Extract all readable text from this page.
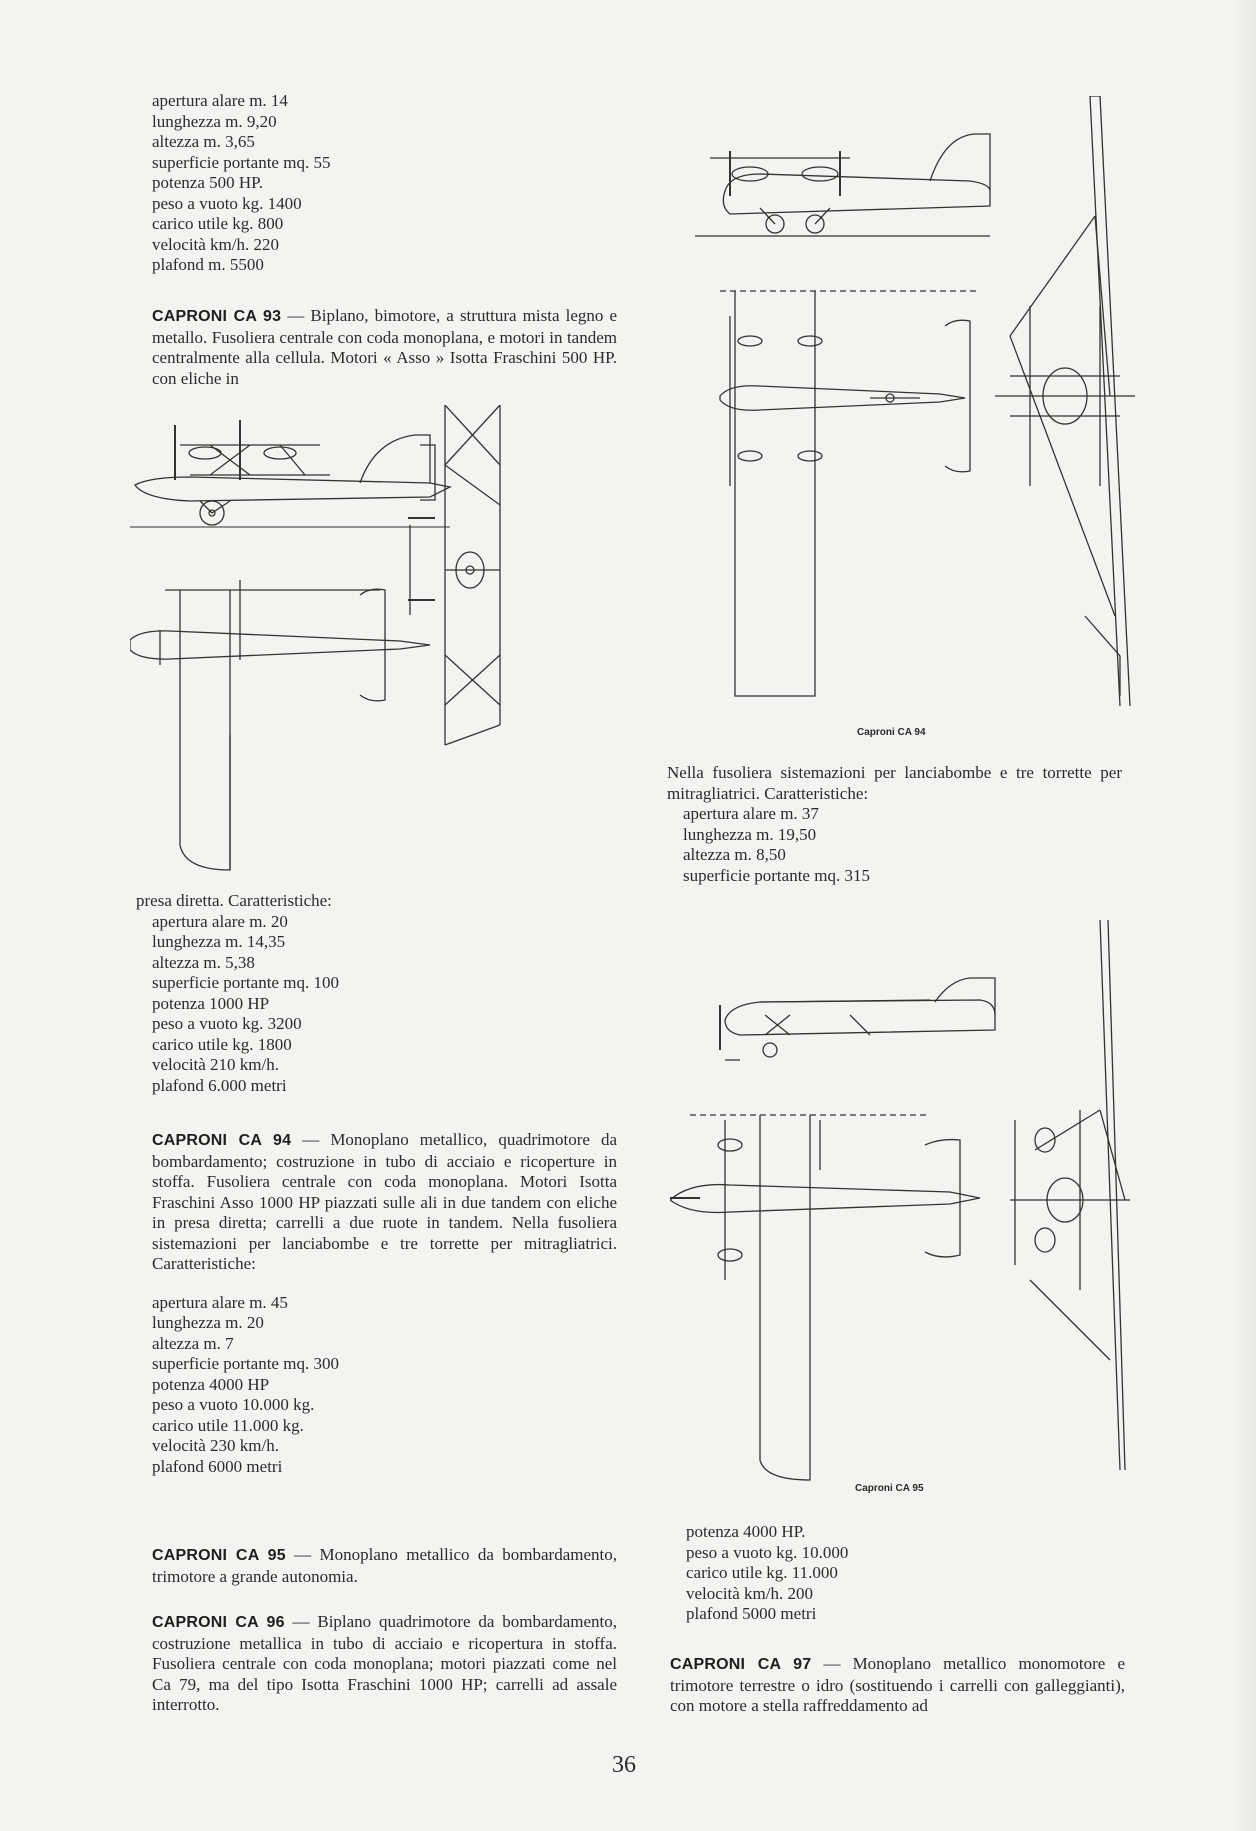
apertura alare m. 14
lunghezza m. 9,20
altezza m. 3,65
superficie portante mq. 55
potenza 500 HP.
peso a vuoto kg. 1400
carico utile kg. 800
velocità km/h. 220
plafond m. 5500

CAPRONI CA 93 — Biplano, bimotore, a struttura mista legno e metallo. Fusoliera centrale con coda monoplana, e motori in tandem centralmente alla cellula. Motori « Asso » Isotta Fraschini 500 HP. con eliche in

presa diretta. Caratteristiche:
apertura alare m. 20
lunghezza m. 14,35
altezza m. 5,38
superficie portante mq. 100
potenza 1000 HP
peso a vuoto kg. 3200
carico utile kg. 1800
velocità 210 km/h.
plafond 6.000 metri

CAPRONI CA 94 — Monoplano metallico, quadrimotore da bombardamento; costruzione in tubo di acciaio e ricoperture in stoffa. Fusoliera centrale con coda monoplana. Motori Isotta Fraschini Asso 1000 HP piazzati sulle ali in due tandem con eliche in presa diretta; carrelli a due ruote in tandem. Nella fusoliera sistemazioni per lanciabombe e tre torrette per mitragliatrici. Caratteristiche:

apertura alare m. 45
lunghezza m. 20
altezza m. 7
superficie portante mq. 300
potenza 4000 HP
peso a vuoto 10.000 kg.
carico utile 11.000 kg.
velocità 230 km/h.
plafond 6000 metri

CAPRONI CA 95 — Monoplano metallico da bombardamento, trimotore a grande autonomia.

CAPRONI CA 96 — Biplano quadrimotore da bombardamento, costruzione metallica in tubo di acciaio e ricopertura in stoffa. Fusoliera centrale con coda monoplana; motori piazzati come nel Ca 79, ma del tipo Isotta Fraschini 1000 HP; carrelli ad assale interrotto.

Caproni CA 94

Nella fusoliera sistemazioni per lanciabombe e tre torrette per mitragliatrici. Caratteristiche:

apertura alare m. 37
lunghezza m. 19,50
altezza m. 8,50
superficie portante mq. 315
Caproni CA 95
potenza 4000 HP.
peso a vuoto kg. 10.000
carico utile kg. 11.000
velocità km/h. 200
plafond 5000 metri

CAPRONI CA 97 — Monoplano metallico monomotore e trimotore terrestre o idro (sostituendo i carrelli con galleggianti), con motore a stella raffreddamento ad

36
